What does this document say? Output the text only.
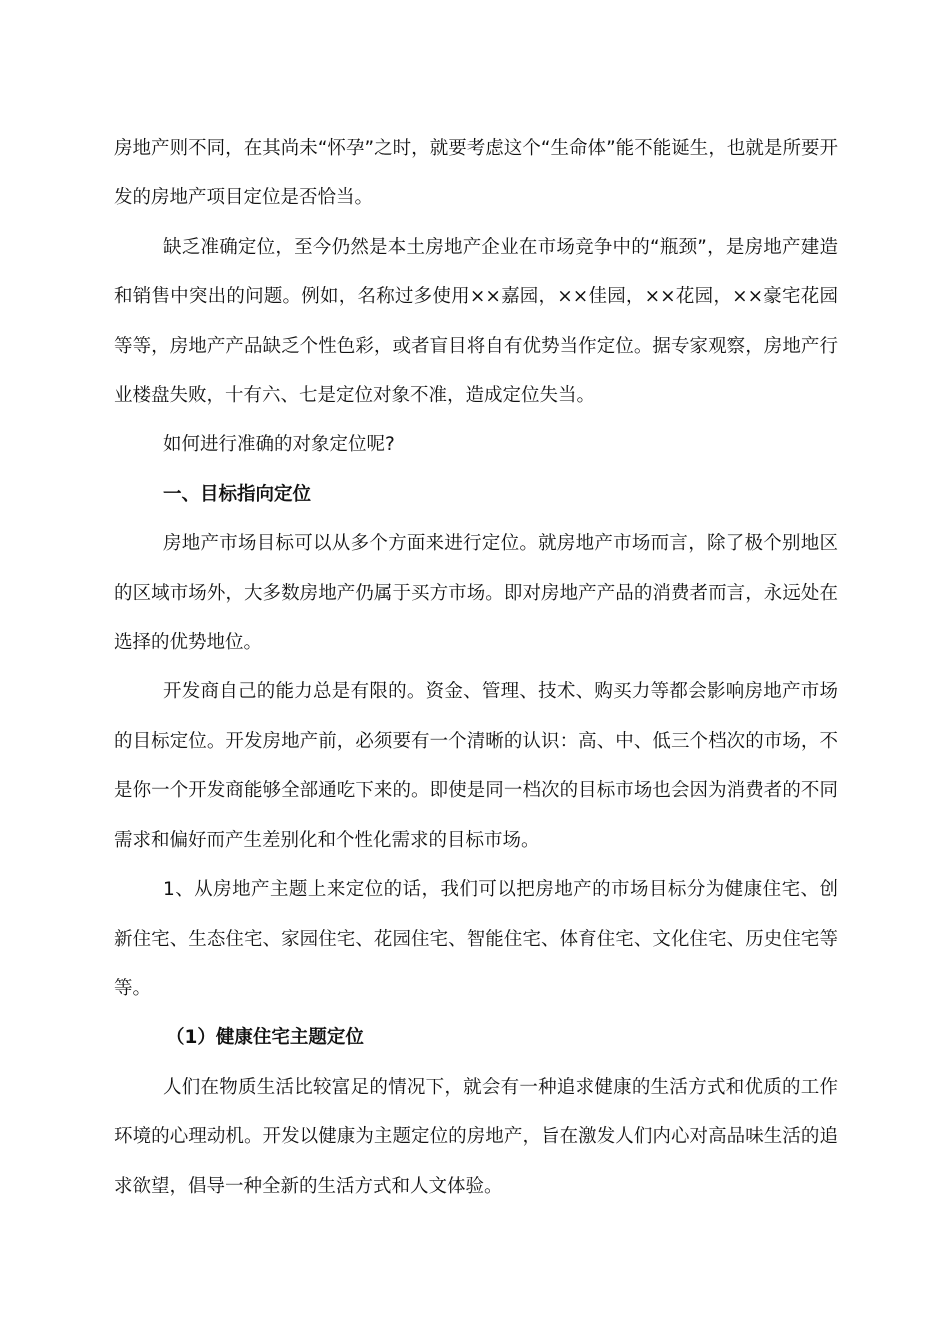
房地产则不同，在其尚未“怀孕”之时，就要考虑这个“生命体”能不能诞生，也就是所要开发的房地产项目定位是否恰当。

缺乏准确定位，至今仍然是本土房地产企业在市场竞争中的“瓶颈”，是房地产建造和销售中突出的问题。例如，名称过多使用××嘉园，××佳园，××花园，××豪宅花园等等，房地产产品缺乏个性色彩，或者盲目将自有优势当作定位。据专家观察，房地产行业楼盘失败，十有六、七是定位对象不准，造成定位失当。

如何进行准确的对象定位呢?

一、目标指向定位

房地产市场目标可以从多个方面来进行定位。就房地产市场而言，除了极个别地区的区域市场外，大多数房地产仍属于买方市场。即对房地产产品的消费者而言，永远处在选择的优势地位。

开发商自己的能力总是有限的。资金、管理、技术、购买力等都会影响房地产市场的目标定位。开发房地产前，必须要有一个清晰的认识：高、中、低三个档次的市场，不是你一个开发商能够全部通吃下来的。即使是同一档次的目标市场也会因为消费者的不同需求和偏好而产生差别化和个性化需求的目标市场。

1、从房地产主题上来定位的话，我们可以把房地产的市场目标分为健康住宅、创新住宅、生态住宅、家园住宅、花园住宅、智能住宅、体育住宅、文化住宅、历史住宅等等。

（1）健康住宅主题定位

人们在物质生活比较富足的情况下，就会有一种追求健康的生活方式和优质的工作环境的心理动机。开发以健康为主题定位的房地产，旨在激发人们内心对高品味生活的追求欲望，倡导一种全新的生活方式和人文体验。
